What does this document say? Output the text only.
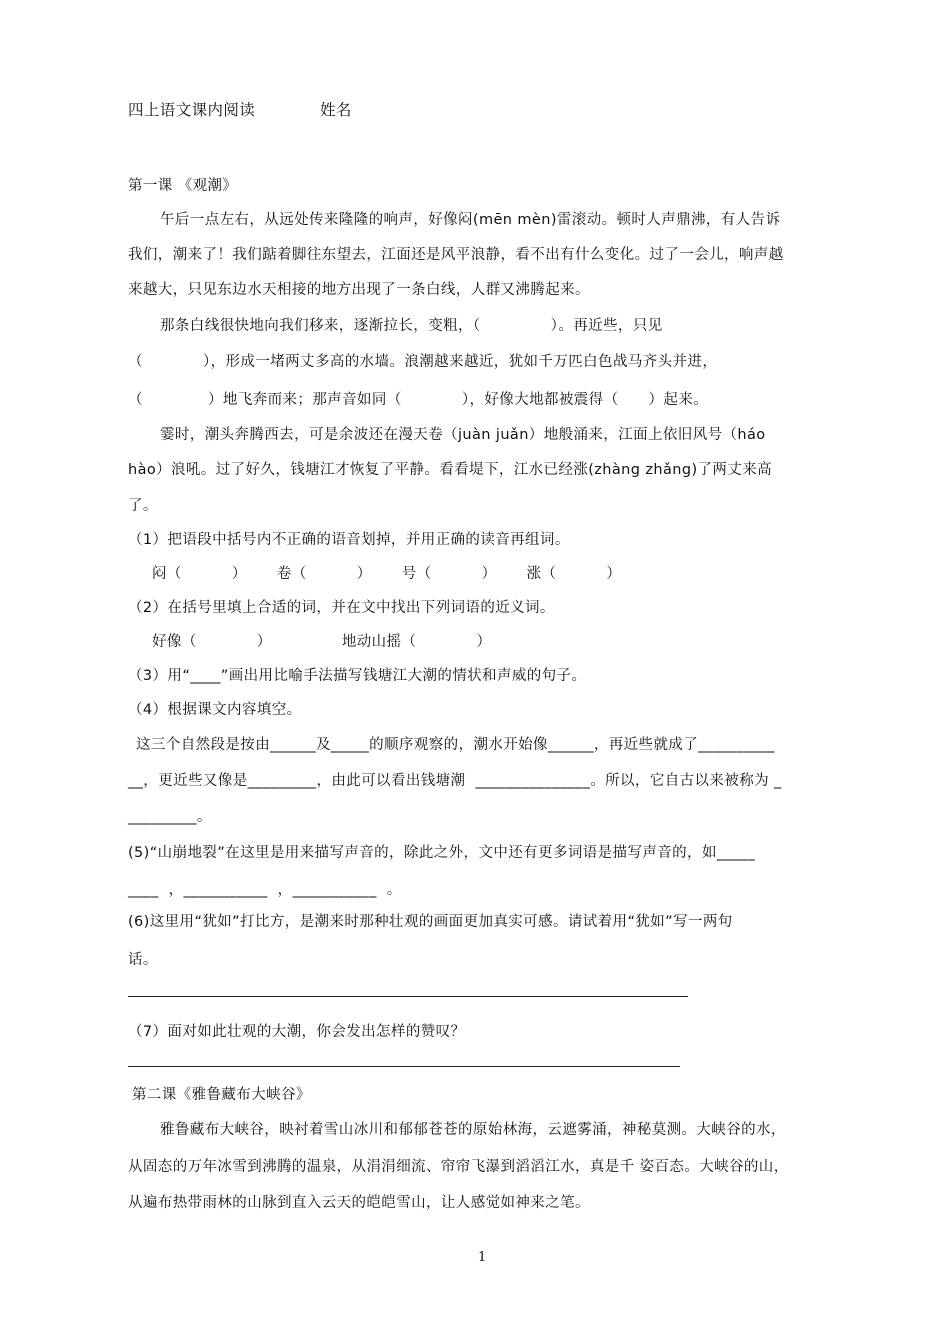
四上语文课内阅读	姓名
第一课 《观潮》
午后一点左右，从远处传来隆隆的响声，好像闷(mēn mèn)雷滚动。顿时人声鼎沸，有人告诉
我们，潮来了！我们踮着脚往东望去，江面还是风平浪静，看不出有什么变化。过了一会儿，响声越
来越大，只见东边水天相接的地方出现了一条白线，人群又沸腾起来。
那条白线很快地向我们移来，逐渐拉长，变粗，（              ）。再近些，只见
（            ），形成一堵两丈多高的水墙。浪潮越来越近，犹如千万匹白色战马齐头并进，
（             ）地飞奔而来；那声音如同（            ），好像大地都被震得（      ）起来。
霎时，潮头奔腾西去，可是余波还在漫天卷（juàn juǎn）地般涌来，江面上依旧风号（háo
hào）浪吼。过了好久，钱塘江才恢复了平静。看看堤下，江水已经涨(zhàng zhǎng)了两丈来高
了。
（1）把语段中括号内不正确的语音划掉，并用正确的读音再组词。
闷（          ）      卷（          ）      号（          ）      涨（          ）
（2）在括号里填上合适的词，并在文中找出下列词语的近义词。
好像（            ）              地动山摇（            ）
（3）用“____”画出用比喻手法描写钱塘江大潮的情状和声威的句子。
（4）根据课文内容填空。
这三个自然段是按由______及_____的顺序观察的，潮水开始像______，再近些就成了__________
__，更近些又像是_________，由此可以看出钱塘潮  _______________。所以，它自古以来被称为 _
_________。
(5)“山崩地裂”在这里是用来描写声音的，除此之外，文中还有更多词语是描写声音的，如_____
____  ，___________  ，___________  。
(6)这里用“犹如”打比方，是潮来时那种壮观的画面更加真实可感。请试着用“犹如”写一两句
话。
（7）面对如此壮观的大潮，你会发出怎样的赞叹？
第二课《雅鲁藏布大峡谷》
雅鲁藏布大峡谷，映衬着雪山冰川和郁郁苍苍的原始林海，云遮雾涌，神秘莫测。大峡谷的水，
从固态的万年冰雪到沸腾的温泉，从涓涓细流、帘帘飞瀑到滔滔江水，真是千 姿百态。大峡谷的山，
从遍布热带雨林的山脉到直入云天的皑皑雪山，让人感觉如神来之笔。
1
